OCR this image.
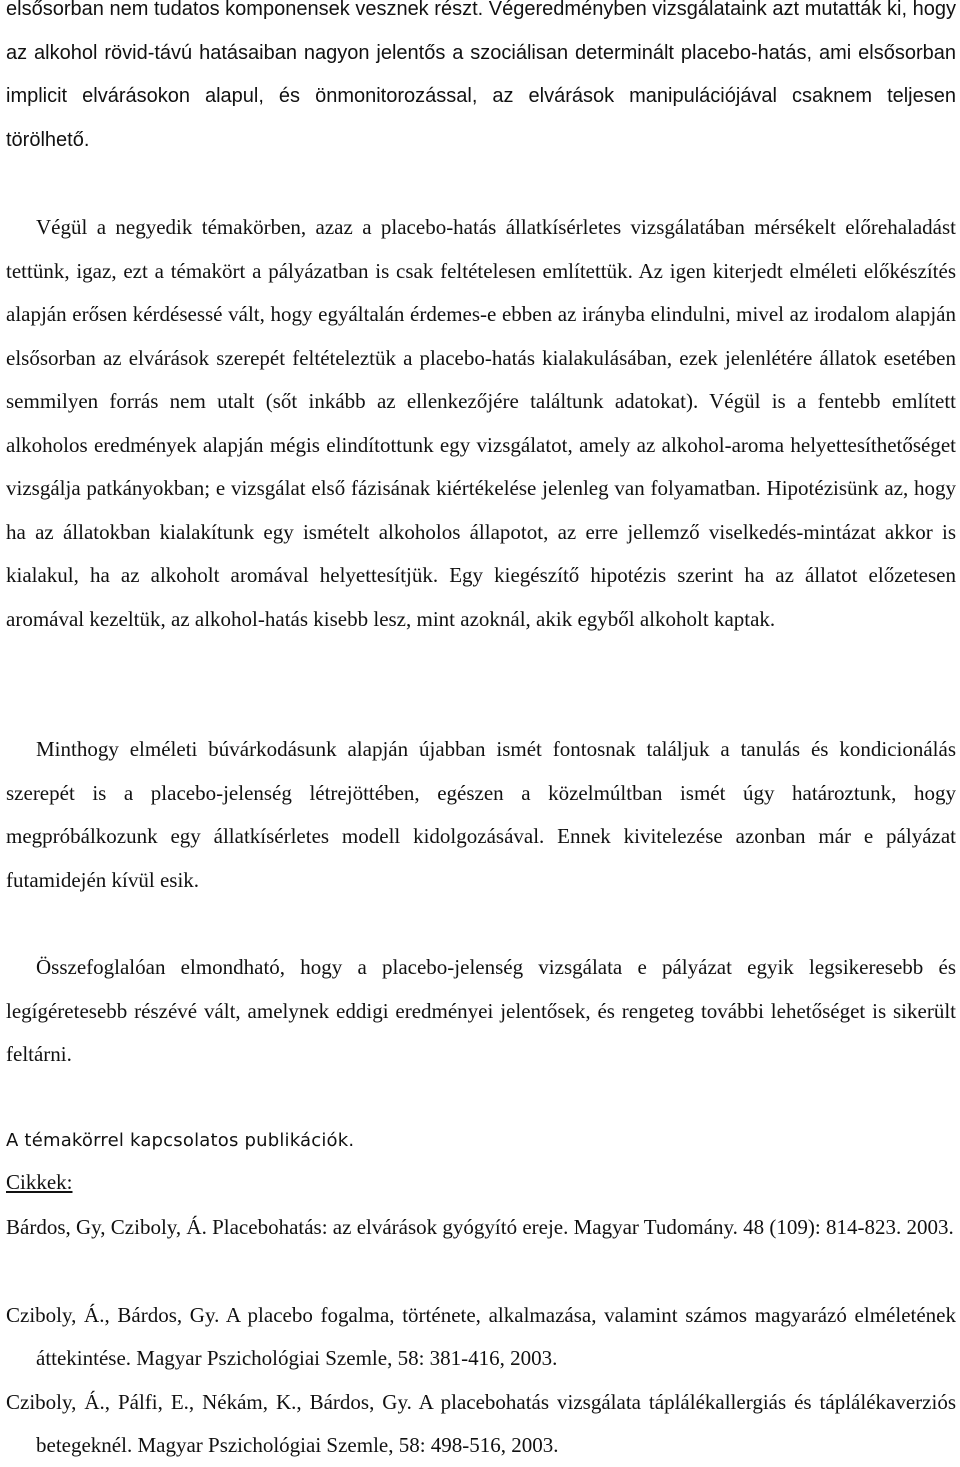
elsősorban nem tudatos komponensek vesznek részt. Végeredményben vizsgálataink azt mutatták ki, hogy az alkohol rövid-távú hatásaiban nagyon jelentős a szociálisan determinált placebo-hatás, ami elsősorban implicit elvárásokon alapul, és önmonitorozással, az elvárások manipulációjával csaknem teljesen törölhető.

Végül a negyedik témakörben, azaz a placebo-hatás állatkísérletes vizsgálatában mérsékelt előrehaladást tettünk, igaz, ezt a témakört a pályázatban is csak feltételesen említettük. Az igen kiterjedt elméleti előkészítés alapján erősen kérdésessé vált, hogy egyáltalán érdemes-e ebben az irányba elindulni, mivel az irodalom alapján elsősorban az elvárások szerepét feltételeztük a placebo-hatás kialakulásában, ezek jelenlétére állatok esetében semmilyen forrás nem utalt (sőt inkább az ellenkezőjére találtunk adatokat). Végül is a fentebb említett alkoholos eredmények alapján mégis elindítottunk egy vizsgálatot, amely az alkohol-aroma helyettesíthetőséget vizsgálja patkányokban; e vizsgálat első fázisának kiértékelése jelenleg van folyamatban. Hipotézisünk az, hogy ha az állatokban kialakítunk egy ismételt alkoholos állapotot, az erre jellemző viselkedés-mintázat akkor is kialakul, ha az alkoholt aromával helyettesítjük. Egy kiegészítő hipotézis szerint ha az állatot előzetesen aromával kezeltük, az alkohol-hatás kisebb lesz, mint azoknál, akik egyből alkoholt kaptak.

Minthogy elméleti búvárkodásunk alapján újabban ismét fontosnak találjuk a tanulás és kondicionálás szerepét is a placebo-jelenség létrejöttében, egészen a közelmúltban ismét úgy határoztunk, hogy megpróbálkozunk egy állatkísérletes modell kidolgozásával. Ennek kivitelezése azonban már e pályázat futamidején kívül esik.

Összefoglalóan elmondható, hogy a placebo-jelenség vizsgálata e pályázat egyik legsikeresebb és legígéretesebb részévé vált, amelynek eddigi eredményei jelentősek, és rengeteg további lehetőséget is sikerült feltárni.

A témakörrel kapcsolatos publikációk.

Cikkek:

Bárdos, Gy, Cziboly, Á. Placebohatás: az elvárások gyógyító ereje. Magyar Tudomány. 48 (109): 814-823. 2003.

Cziboly, Á., Bárdos, Gy. A placebo fogalma, története, alkalmazása, valamint számos magyarázó elméletének áttekintése. Magyar Pszichológiai Szemle, 58: 381-416, 2003.

Cziboly, Á., Pálfi, E., Nékám, K., Bárdos, Gy. A placebohatás vizsgálata táplálékallergiás és táplálékaverziós betegeknél. Magyar Pszichológiai Szemle, 58: 498-516, 2003.
